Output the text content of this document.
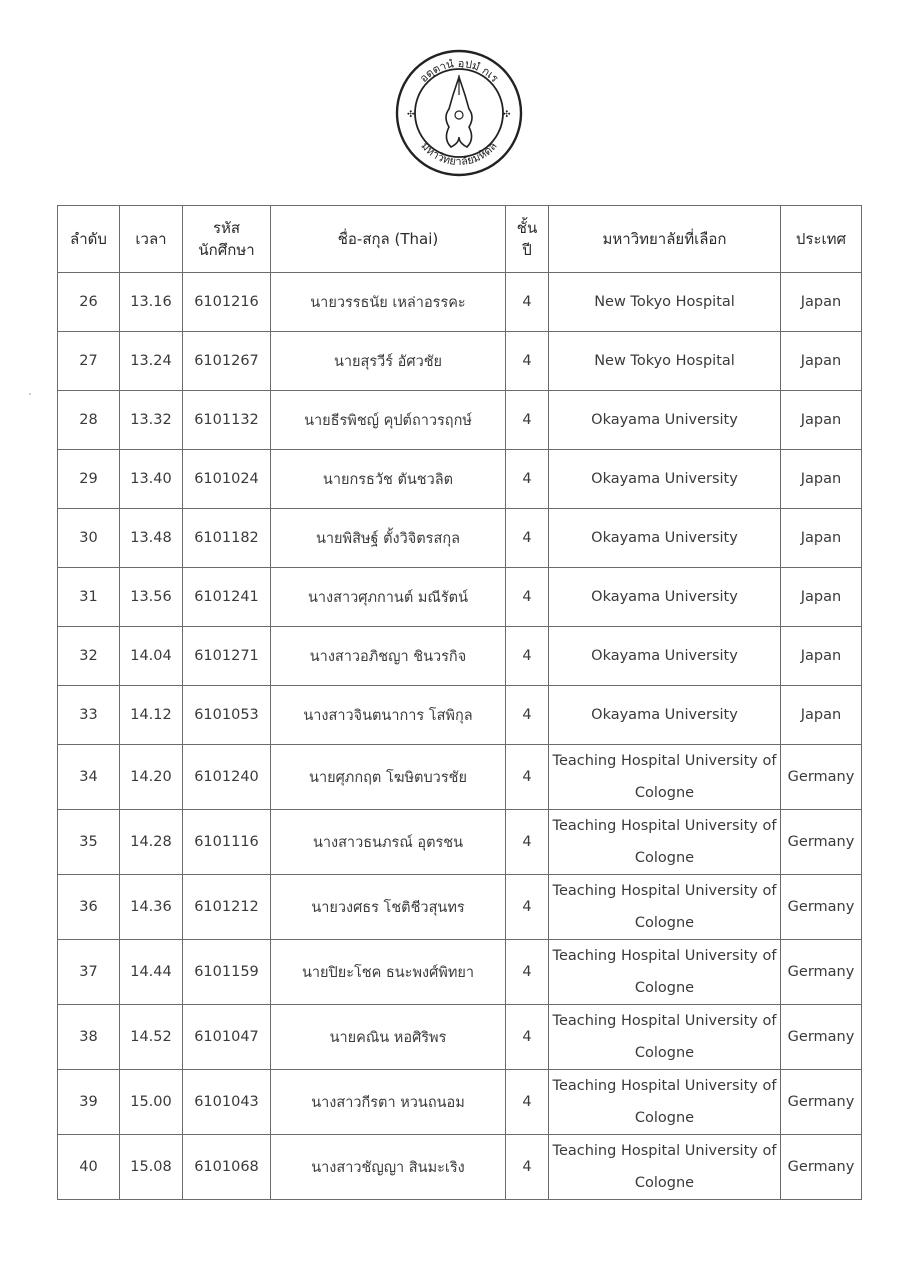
✣	✣
อตฺตานํ อุปมํ กเร
มหาวิทยาลัยมหิดล
ลำดับ	เวลา	รหัส นักศึกษา	ชื่อ-สกุล (Thai)	ชั้น ปี	มหาวิทยาลัยที่เลือก	ประเทศ
26	13.16	6101216	นายวรรธนัย เหล่าอรรคะ	4	New Tokyo Hospital	Japan
27	13.24	6101267	นายสุรวีร์ อัศวชัย	4	New Tokyo Hospital	Japan
28	13.32	6101132	นายธีรพิชญ์ คุปต์ถาวรฤกษ์	4	Okayama University	Japan
29	13.40	6101024	นายกรธวัช ตันชวลิต	4	Okayama University	Japan
30	13.48	6101182	นายพิสิษฐ์ ตั้งวิจิตรสกุล	4	Okayama University	Japan
31	13.56	6101241	นางสาวศุภกานต์ มณีรัตน์	4	Okayama University	Japan
32	14.04	6101271	นางสาวอภิชญา ชินวรกิจ	4	Okayama University	Japan
33	14.12	6101053	นางสาวจินตนาการ โสพิกุล	4	Okayama University	Japan
34	14.20	6101240	นายศุภกฤต โฆษิตบวรชัย	4	Teaching Hospital University of Cologne	Germany
35	14.28	6101116	นางสาวธนภรณ์ อุตรชน	4	Teaching Hospital University of Cologne	Germany
36	14.36	6101212	นายวงศธร โชติชีวสุนทร	4	Teaching Hospital University of Cologne	Germany
37	14.44	6101159	นายปิยะโชค ธนะพงศ์พิทยา	4	Teaching Hospital University of Cologne	Germany
38	14.52	6101047	นายคณิน หอศิริพร	4	Teaching Hospital University of Cologne	Germany
39	15.00	6101043	นางสาวกีรตา หวนถนอม	4	Teaching Hospital University of Cologne	Germany
40	15.08	6101068	นางสาวชัญญา สินมะเริง	4	Teaching Hospital University of Cologne	Germany
